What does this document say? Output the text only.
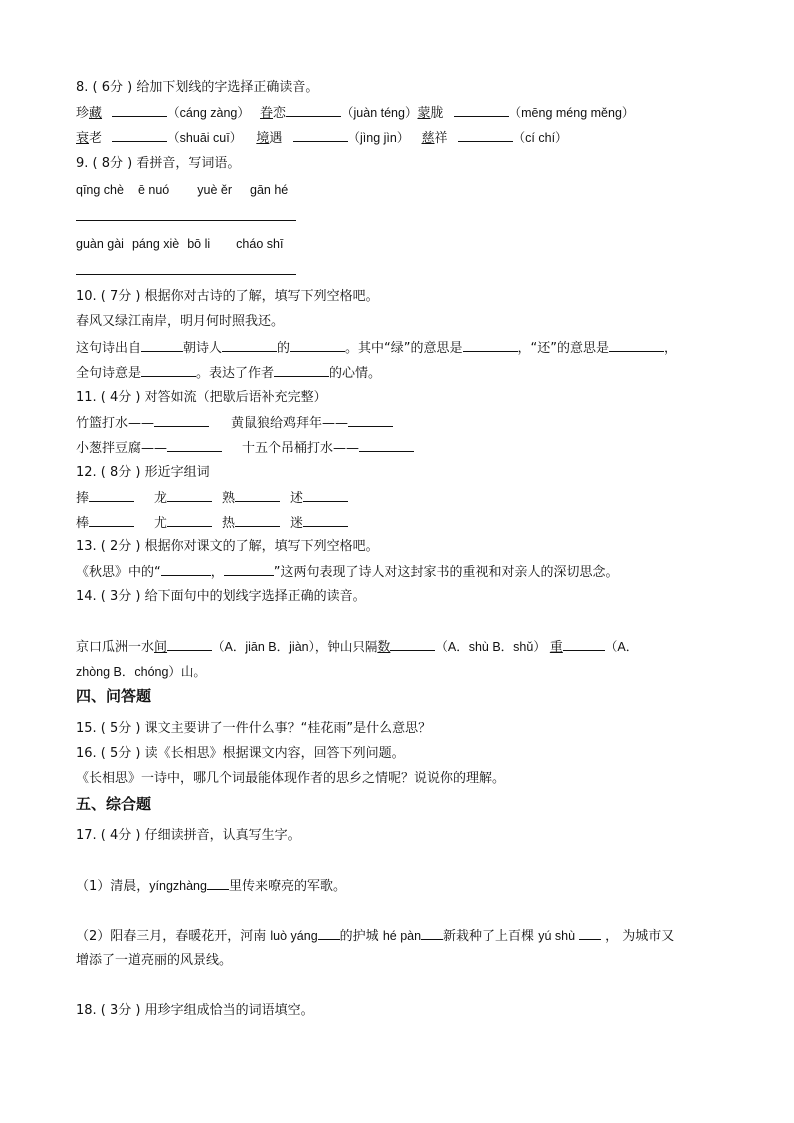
8. ( 6分 ) 给加下划线的字选择正确读音。
珍藏	（cáng zàng） 眷恋	（juàn téng）蒙胧	（mēng méng měng）
衰老	（shuāi cuī） 境遇	（jìng jìn） 慈祥	（cí chí）
9. ( 8分 ) 看拼音，写词语。
qīng chè ē nuó yuè ěr gān hé
guàn gài páng xiè bō li cháo shī
10. ( 7分 ) 根据你对古诗的了解，填写下列空格吧。
春风又绿江南岸，明月何时照我还。
这句诗出自	朝诗人	的	。其中“绿”的意思是	，“还”的意思是	，
全句诗意是	。表达了作者	的心情。
11. ( 4分 ) 对答如流（把歇后语补充完整）
竹篮打水——	黄鼠狼给鸡拜年——
小葱拌豆腐——	十五个吊桶打水——
12. ( 8分 ) 形近字组词
捧	龙	熟	述
棒	尤	热	迷
13. ( 2分 ) 根据你对课文的了解，填写下列空格吧。
《秋思》中的“	，	”这两句表现了诗人对这封家书的重视和对亲人的深切思念。
14. ( 3分 ) 给下面句中的划线字选择正确的读音。
京口瓜洲一水间	（A．jiān B．jiàn），钟山只隔数	（A．shù B．shǔ） 重	（A．
zhòng B．chóng）山。
四、问答题
15. ( 5分 ) 课文主要讲了一件什么事？“桂花雨”是什么意思？
16. ( 5分 ) 读《长相思》根据课文内容，回答下列问题。
《长相思》一诗中，哪几个词最能体现作者的思乡之情呢？说说你的理解。
五、综合题
17. ( 4分 ) 仔细读拼音，认真写生字。
（1）清晨，yíngzhàng 里传来嘹亮的军歌。
（2）阳春三月，春暖花开，河南 luò yáng 的护城 hé pàn 新栽种了上百棵 yú shù ， 为城市又
增添了一道亮丽的风景线。
18. ( 3分 ) 用珍字组成恰当的词语填空。
